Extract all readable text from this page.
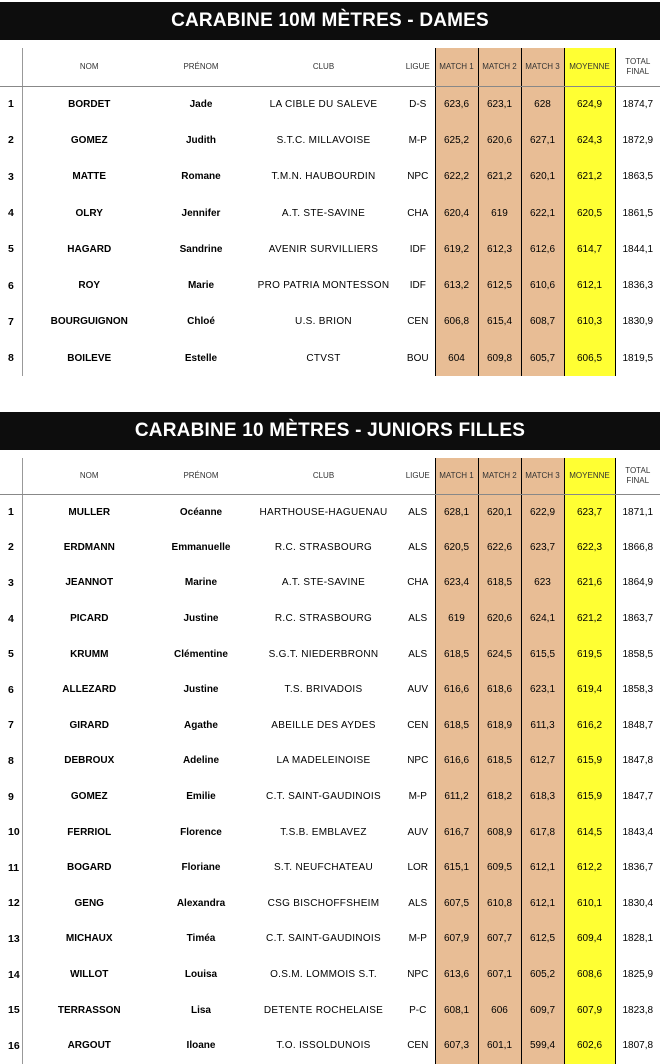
CARABINE 10M MÈTRES - DAMES
	NOM	PRÉNOM	CLUB	LIGUE	MATCH 1	MATCH 2	MATCH 3	MOYENNE	TOTAL
FINAL
1	BORDET	Jade	LA CIBLE DU SALEVE	D-S	623,6	623,1	628	624,9	1874,7
2	GOMEZ	Judith	S.T.C. MILLAVOISE	M-P	625,2	620,6	627,1	624,3	1872,9
3	MATTE	Romane	T.M.N. HAUBOURDIN	NPC	622,2	621,2	620,1	621,2	1863,5
4	OLRY	Jennifer	A.T. STE-SAVINE	CHA	620,4	619	622,1	620,5	1861,5
5	HAGARD	Sandrine	AVENIR SURVILLIERS	IDF	619,2	612,3	612,6	614,7	1844,1
6	ROY	Marie	PRO PATRIA MONTESSON	IDF	613,2	612,5	610,6	612,1	1836,3
7	BOURGUIGNON	Chloé	U.S. BRION	CEN	606,8	615,4	608,7	610,3	1830,9
8	BOILEVE	Estelle	CTVST	BOU	604	609,8	605,7	606,5	1819,5
CARABINE 10 MÈTRES - JUNIORS FILLES
	NOM	PRÉNOM	CLUB	LIGUE	MATCH 1	MATCH 2	MATCH 3	MOYENNE	TOTAL
FINAL
1	MULLER	Océanne	HARTHOUSE-HAGUENAU	ALS	628,1	620,1	622,9	623,7	1871,1
2	ERDMANN	Emmanuelle	R.C. STRASBOURG	ALS	620,5	622,6	623,7	622,3	1866,8
3	JEANNOT	Marine	A.T. STE-SAVINE	CHA	623,4	618,5	623	621,6	1864,9
4	PICARD	Justine	R.C. STRASBOURG	ALS	619	620,6	624,1	621,2	1863,7
5	KRUMM	Clémentine	S.G.T. NIEDERBRONN	ALS	618,5	624,5	615,5	619,5	1858,5
6	ALLEZARD	Justine	T.S. BRIVADOIS	AUV	616,6	618,6	623,1	619,4	1858,3
7	GIRARD	Agathe	ABEILLE DES AYDES	CEN	618,5	618,9	611,3	616,2	1848,7
8	DEBROUX	Adeline	LA MADELEINOISE	NPC	616,6	618,5	612,7	615,9	1847,8
9	GOMEZ	Emilie	C.T. SAINT-GAUDINOIS	M-P	611,2	618,2	618,3	615,9	1847,7
10	FERRIOL	Florence	T.S.B. EMBLAVEZ	AUV	616,7	608,9	617,8	614,5	1843,4
11	BOGARD	Floriane	S.T. NEUFCHATEAU	LOR	615,1	609,5	612,1	612,2	1836,7
12	GENG	Alexandra	CSG BISCHOFFSHEIM	ALS	607,5	610,8	612,1	610,1	1830,4
13	MICHAUX	Timéa	C.T. SAINT-GAUDINOIS	M-P	607,9	607,7	612,5	609,4	1828,1
14	WILLOT	Louisa	O.S.M. LOMMOIS S.T.	NPC	613,6	607,1	605,2	608,6	1825,9
15	TERRASSON	Lisa	DETENTE ROCHELAISE	P-C	608,1	606	609,7	607,9	1823,8
16	ARGOUT	Iloane	T.O. ISSOLDUNOIS	CEN	607,3	601,1	599,4	602,6	1807,8
